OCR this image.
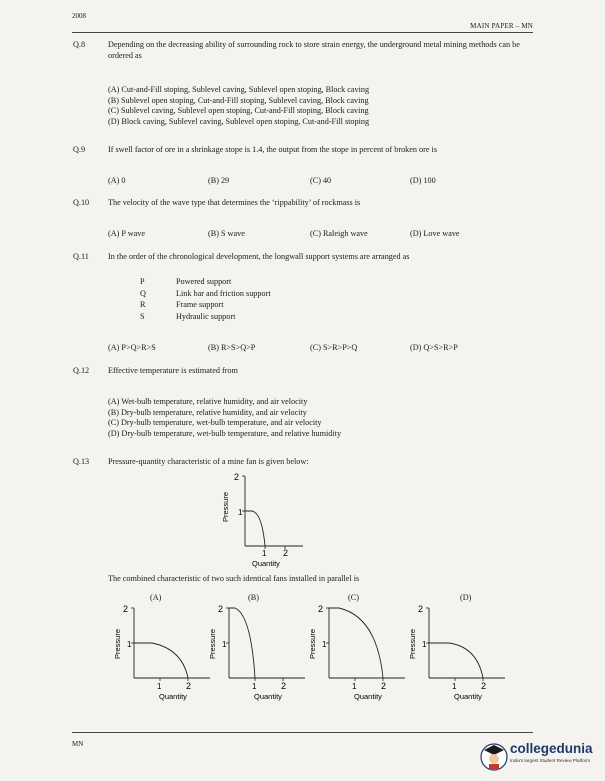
2008
MAIN PAPER – MN
Q.8	Depending on the decreasing ability of surrounding rock to store strain energy, the underground metal mining methods can be ordered as
(A) Cut-and-Fill stoping, Sublevel caving, Sublevel open stoping, Block caving
(B) Sublevel open stoping, Cut-and-Fill stoping, Sublevel caving, Block caving
(C) Sublevel caving, Sublevel open stoping, Cut-and-Fill stoping, Block caving
(D) Block caving, Sublevel caving, Sublevel open stoping, Cut-and-Fill stoping
Q.9	If swell factor of ore in a shrinkage stope is 1.4, the output from the stope in percent of broken ore is
(A) 0	(B) 29	(C) 40	(D) 100
Q.10 The velocity of the wave type that determines the ‘rippability’ of rockmass is
(A) P wave	(B) S wave	(C) Raleigh wave	(D) Love wave
Q.11 In the order of the chronological development, the longwall support systems are arranged as
P	Powered support
Q	Link bar and friction support
R	Frame support
S	Hydraulic support
(A) P>Q>R>S	(B) R>S>Q>P	(C) S>R>P>Q	(D) Q>S>R>P
Q.12 Effective temperature is estimated from
(A) Wet-bulb temperature, relative humidity, and air velocity
(B) Dry-bulb temperature, relative humidity, and air velocity
(C) Dry-bulb temperature, wet-bulb temperature, and air velocity
(D) Dry-bulb temperature, wet-bulb temperature, and relative humidity
Q.13 Pressure-quantity characteristic of a mine fan is given below:
2
1
1 2
Quantity
Pressure
The combined characteristic of two such identical fans installed in parallel is
(A)	(B)	(C)	(D)
2
1
1	2
Quantity
Pressure
2
1
1	2
Quantity
Pressure
2
1
1	2
Quantity
Pressure
2
1
1	2
Quantity
Pressure
MN	collegedunia
India's largest Student Review Platform
